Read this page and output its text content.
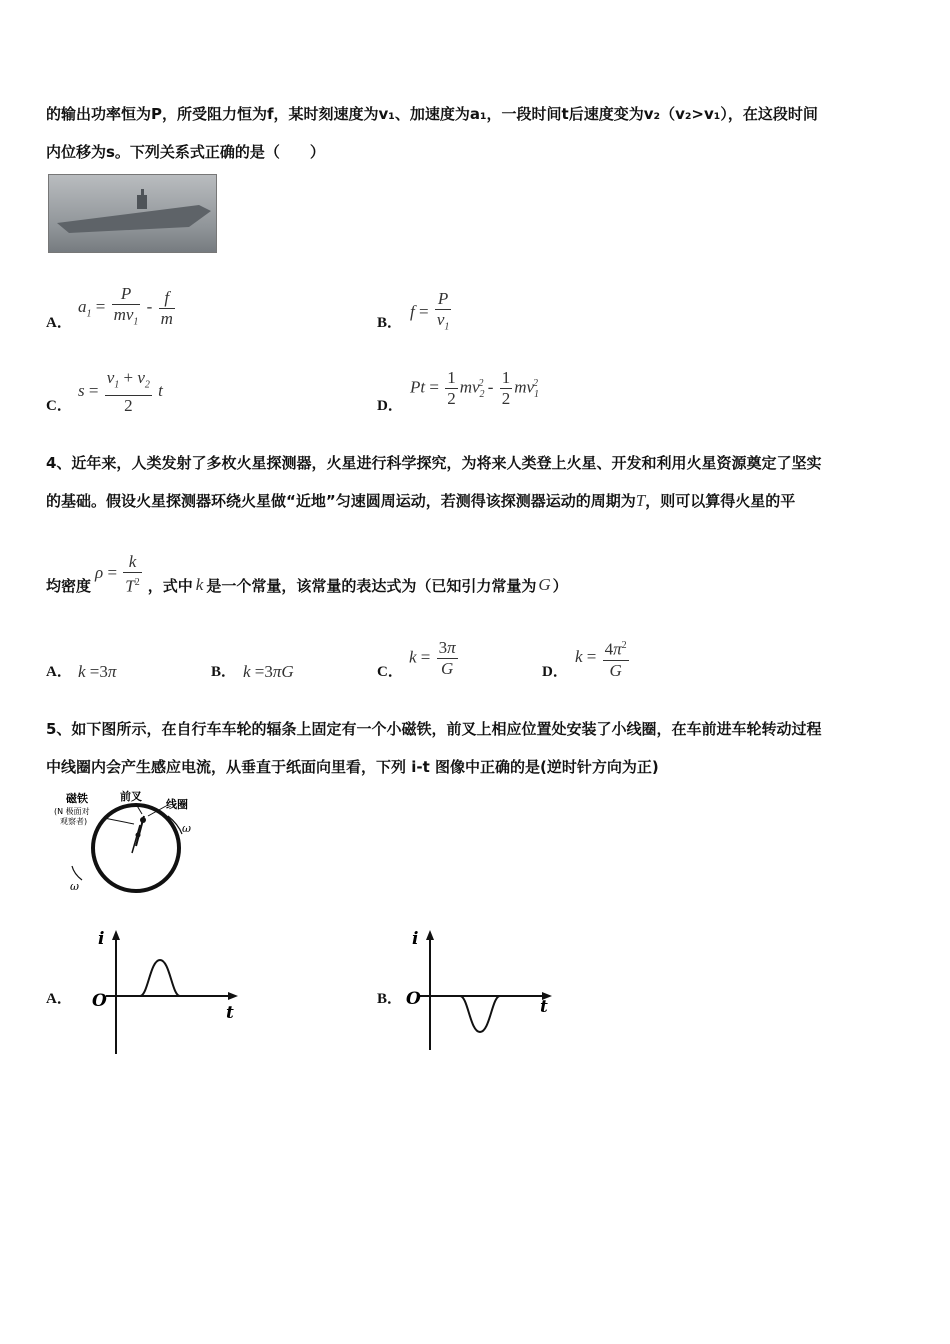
的输出功率恒为P，所受阻力恒为f，某时刻速度为v₁、加速度为a₁，一段时间t后速度变为v₂（v₂>v₁），在这段时间
内位移为s。下列关系式正确的是（　　）
A．
$a_1 = \frac{P}{mv_1} - \frac{f}{m}$	B．
$f = \frac{P}{v_1}$
C．
$s = \frac{v_1 + v_2}{2}$ t
D．
$Pt = \frac{1}{2} mv_2^2 - \frac{1}{2} mv_1^2$
4、近年来，人类发射了多枚火星探测器，火星进行科学探究，为将来人类登上火星、开发和利用火星资源奠定了坚实
的基础。假设火星探测器环绕火星做“近地”匀速圆周运动，若测得该探测器运动的周期为T，则可以算得火星的平
均密度
$\rho = \frac{k}{T^2}$ ，式中 k 是一个常量，该常量的表达式为（已知引力常量为 G ）
A． k =3π	B． k =3πG	C．
$k = \frac{3\pi}{G}$	D．
$k = \frac{4\pi^2}{G}$
5、如下图所示，在自行车车轮的辐条上固定有一个小磁铁，前叉上相应位置处安装了小线圈，在车前进车轮转动过程
中线圈内会产生感应电流，从垂直于纸面向里看，下列 i-t 图像中正确的是(逆时针方向为正)
磁铁
(N 极面对
观察者)
前叉
线圈
ω
ω
A．
i
O
t
B．
i
O	t
